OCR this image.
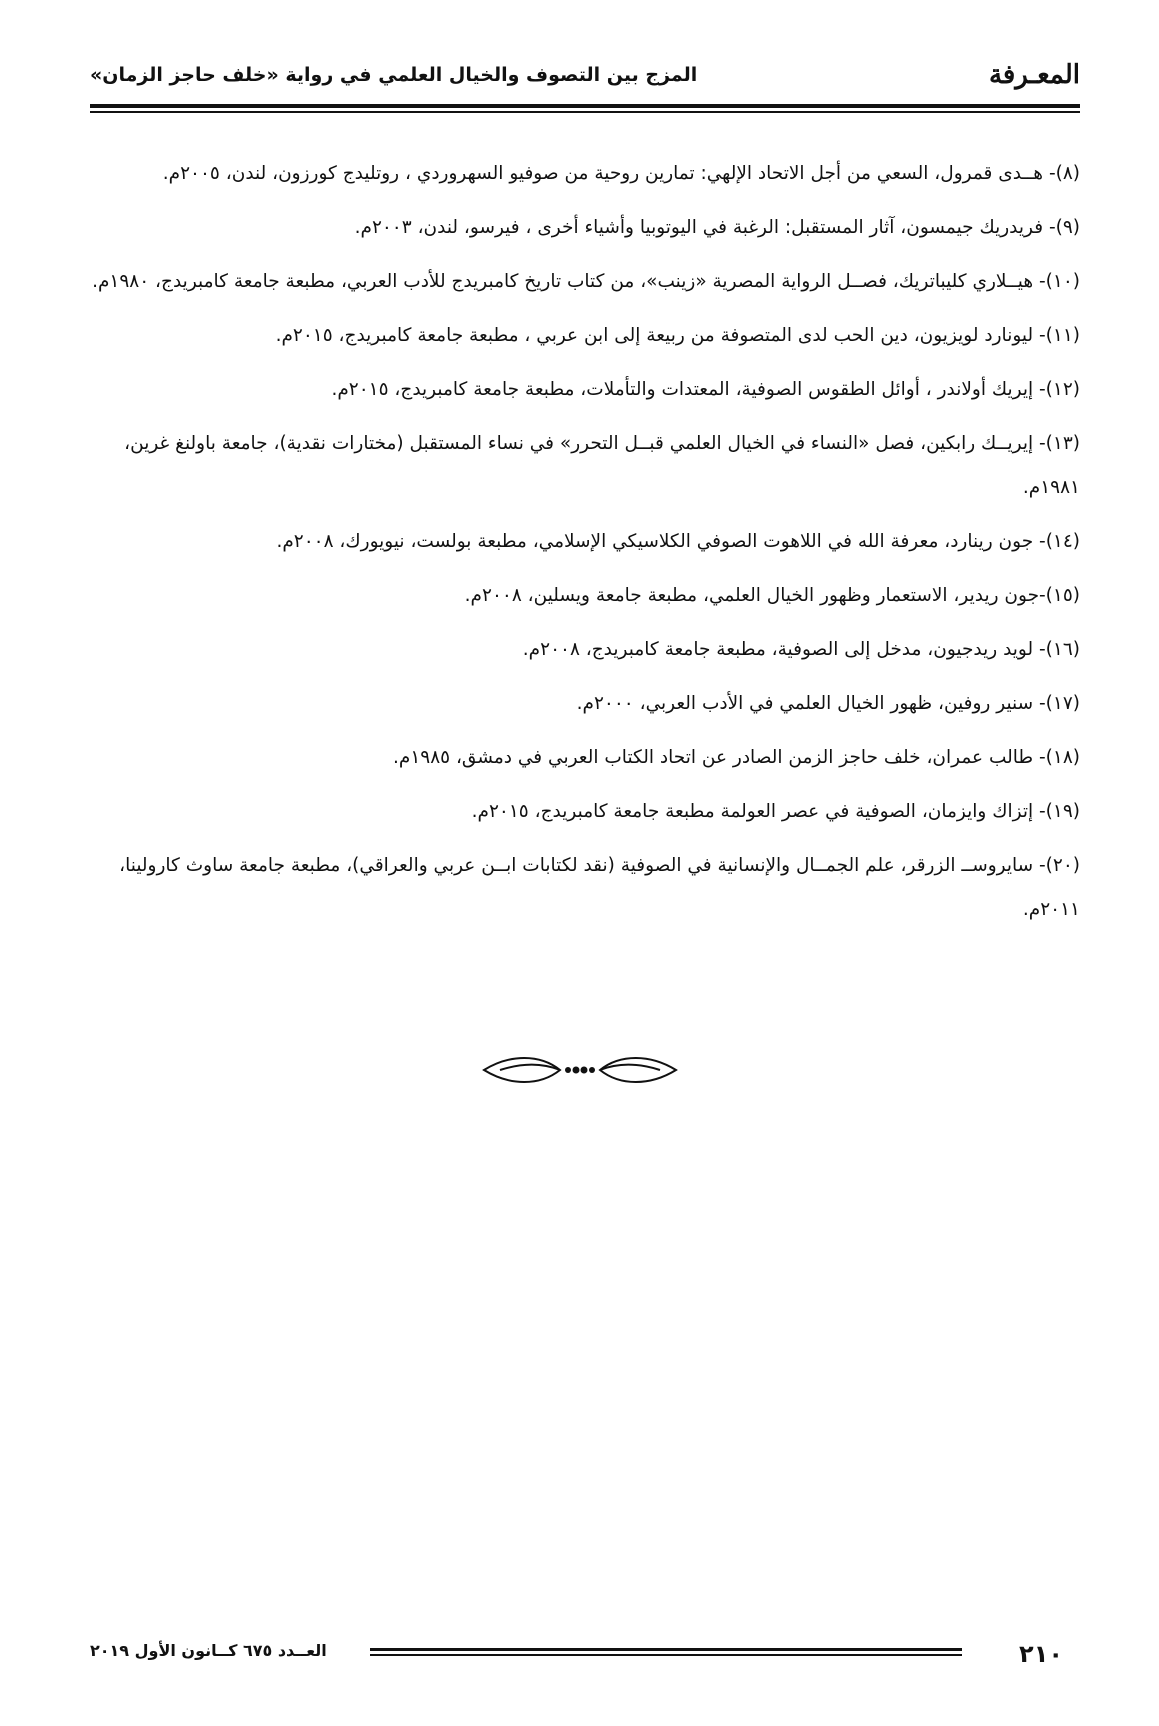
المعـرفة
المزج بين التصوف والخيال العلمي في رواية «خلف حاجز الزمان»
(٨)- هــدى قمرول، السعي من أجل الاتحاد الإلهي: تمارين روحية من صوفيو السهروردي ، روتليدج كورزون، لندن، ٢٠٠٥م.
(٩)- فريدريك جيمسون، آثار المستقبل: الرغبة في اليوتوبيا وأشياء أخرى ، فيرسو، لندن، ٢٠٠٣م.
(١٠)- هيــلاري كليباتريك، فصــل الرواية المصرية «زينب»، من كتاب تاريخ كامبريدج للأدب العربي، مطبعة جامعة كامبريدج، ١٩٨٠م.
(١١)- ليونارد لويزيون، دين الحب لدى المتصوفة من ربيعة إلى ابن عربي ، مطبعة جامعة كامبريدج، ٢٠١٥م.
(١٢)- إيريك أولاندر ، أوائل الطقوس الصوفية، المعتدات والتأملات، مطبعة جامعة كامبريدج، ٢٠١٥م.
(١٣)- إيريــك رابكين، فصل «النساء في الخيال العلمي قبــل التحرر» في نساء المستقبل (مختارات نقدية)، جامعة باولنغ غرين، ١٩٨١م.
(١٤)- جون رينارد، معرفة الله في اللاهوت الصوفي الكلاسيكي الإسلامي، مطبعة بولست، نيويورك، ٢٠٠٨م.
(١٥)-جون ريدير، الاستعمار وظهور الخيال العلمي، مطبعة جامعة ويسلين، ٢٠٠٨م.
(١٦)- لويد ريدجيون، مدخل إلى الصوفية، مطبعة جامعة كامبريدج، ٢٠٠٨م.
(١٧)- سنير روفين، ظهور الخيال العلمي في الأدب العربي، ٢٠٠٠م.
(١٨)- طالب عمران، خلف حاجز الزمن الصادر عن اتحاد الكتاب العربي في دمشق، ١٩٨٥م.
(١٩)- إتزاك وايزمان، الصوفية في عصر العولمة مطبعة جامعة كامبريدج، ٢٠١٥م.
(٢٠)- سايروســ الزرقر، علم الجمــال والإنسانية في الصوفية (نقد لكتابات ابــن عربي والعراقي)، مطبعة جامعة ساوث كارولينا، ٢٠١١م.
٢١٠
العــدد ٦٧٥ كــانون الأول ٢٠١٩
